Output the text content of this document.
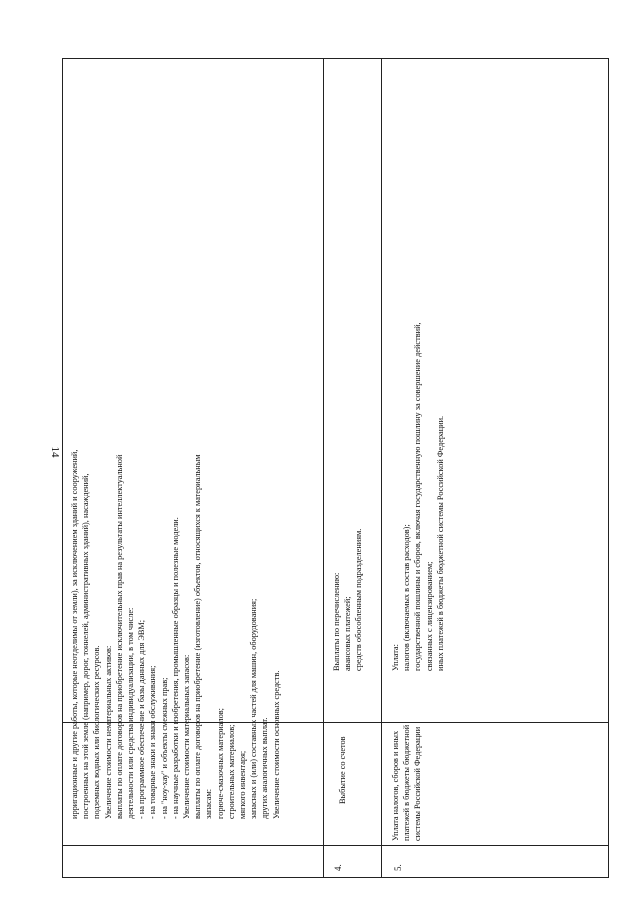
14 ирригационные и другие работы, которые неотделимы от земли), за исключением зданий и сооружений, построенных на этой земле (например, дорог, тоннелей, административных зданий), насаждений, подземных водных или биологических ресурсов. Увеличение стоимости нематериальных активов: выплаты по оплате договоров на приобретение исключительных прав на результаты интеллектуальной деятельности или средства индивидуализации, в том числе: - на программное обеспечение и базы данных для ЭВМ; - на товарные знаки и знаки обслуживания; - на "ноу-хау" и объекты смежных прав; - на научные разработки и изобретения, промышленные образцы и полезные модели. Увеличение стоимости материальных запасов: выплаты по оплате договоров на приобретение (изготовление) объектов, относящихся к материальным запасам: горюче-смазочных материалов; строительных материалов; мягкого инвентаря; запасных и (или) составных частей для машин, оборудования; других аналогичных выплат. Увеличение стоимости основных средств.
4.
Выбытие со счетов
Выплаты по перечислению: авансовых платежей; средств обособленным подразделениям.
5.
Уплата налогов, сборов и иных платежей в бюджеты бюджетной системы Российской Федерации
Уплата: налогов (включаемых в состав расходов); государственной пошлины и сборов, включая государственную пошлину за совершение действий, связанных с лицензированием; иных платежей в бюджеты бюджетной системы Российской Федерации.
